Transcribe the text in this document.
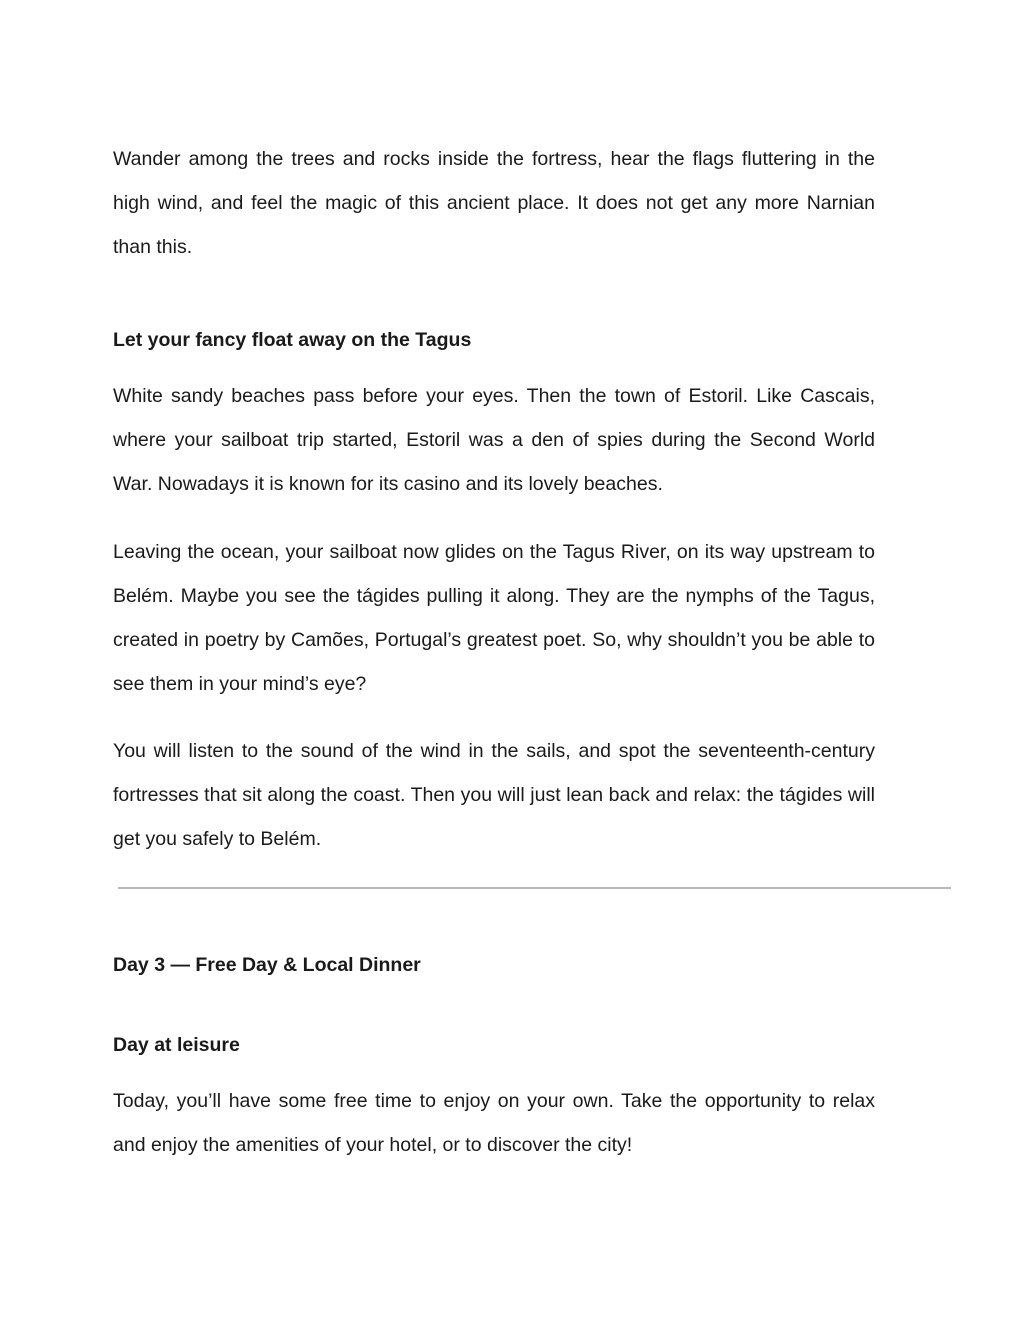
Wander among the trees and rocks inside the fortress, hear the flags fluttering in the high wind, and feel the magic of this ancient place. It does not get any more Narnian than this.

Let your fancy float away on the Tagus

White sandy beaches pass before your eyes. Then the town of Estoril. Like Cascais, where your sailboat trip started, Estoril was a den of spies during the Second World War. Nowadays it is known for its casino and its lovely beaches.

Leaving the ocean, your sailboat now glides on the Tagus River, on its way upstream to Belém. Maybe you see the tágides pulling it along. They are the nymphs of the Tagus, created in poetry by Camões, Portugal’s greatest poet. So, why shouldn’t you be able to see them in your mind’s eye?

You will listen to the sound of the wind in the sails, and spot the seventeenth-century fortresses that sit along the coast. Then you will just lean back and relax: the tágides will get you safely to Belém.

Day 3 — Free Day & Local Dinner
Day at leisure

Today, you’ll have some free time to enjoy on your own. Take the opportunity to relax and enjoy the amenities of your hotel, or to discover the city!
